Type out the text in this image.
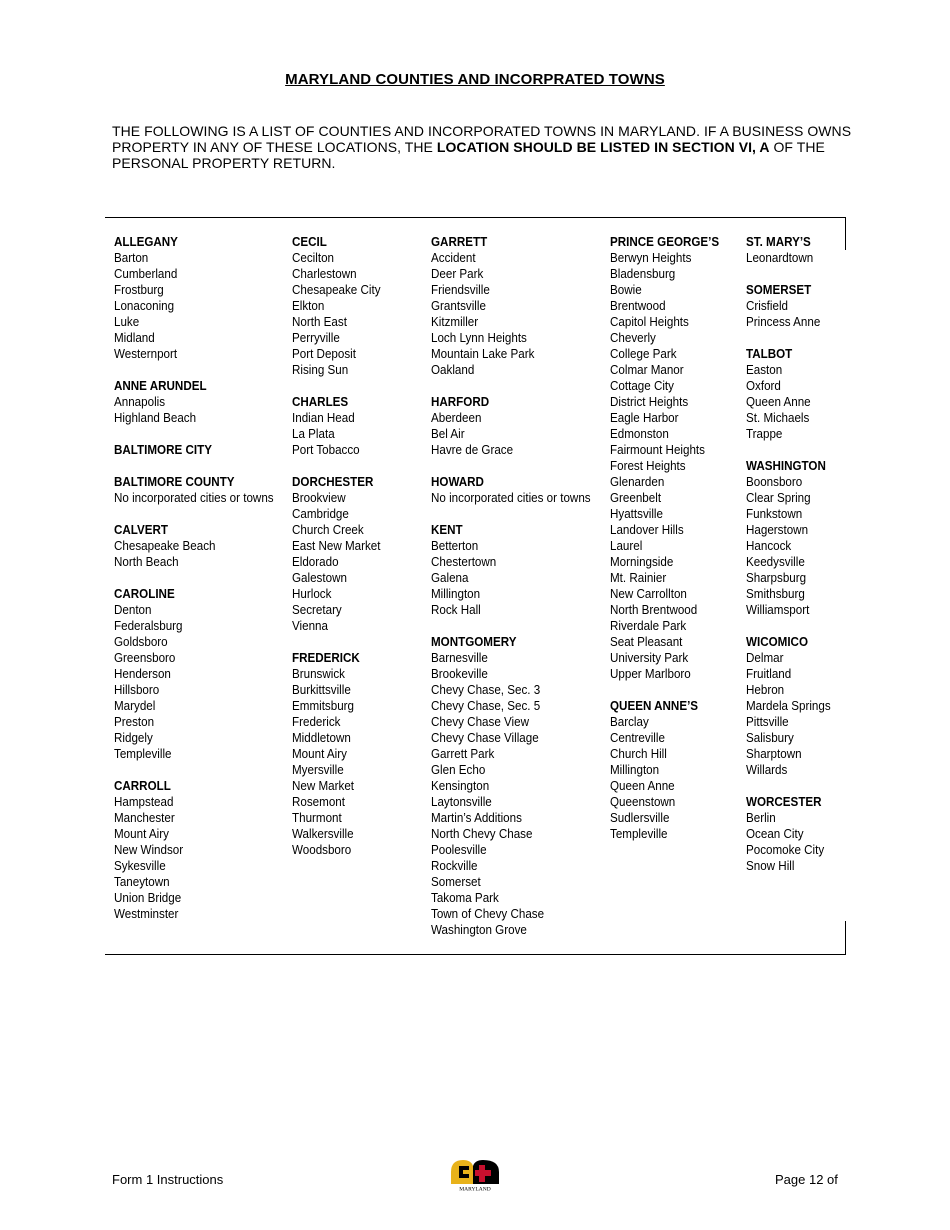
MARYLAND COUNTIES AND INCORPRATED TOWNS
THE FOLLOWING IS A LIST OF COUNTIES AND INCORPORATED TOWNS IN MARYLAND. IF A BUSINESS OWNS PROPERTY IN ANY OF THESE LOCATIONS, THE LOCATION SHOULD BE LISTED IN SECTION VI, A OF THE PERSONAL PROPERTY RETURN.
ALLEGANY
Barton
Cumberland
Frostburg
Lonaconing
Luke
Midland
Westernport
ANNE ARUNDEL
Annapolis
Highland Beach
BALTIMORE CITY
BALTIMORE COUNTY
No incorporated cities or towns
CALVERT
Chesapeake Beach
North Beach
CAROLINE
Denton
Federalsburg
Goldsboro
Greensboro
Henderson
Hillsboro
Marydel
Preston
Ridgely
Templeville
CARROLL
Hampstead
Manchester
Mount Airy
New Windsor
Sykesville
Taneytown
Union Bridge
Westminster
CECIL
Cecilton
Charlestown
Chesapeake City
Elkton
North East
Perryville
Port Deposit
Rising Sun
CHARLES
Indian Head
La Plata
Port Tobacco
DORCHESTER
Brookview
Cambridge
Church Creek
East New Market
Eldorado
Galestown
Hurlock
Secretary
Vienna
FREDERICK
Brunswick
Burkittsville
Emmitsburg
Frederick
Middletown
Mount Airy
Myersville
New Market
Rosemont
Thurmont
Walkersville
Woodsboro
GARRETT
Accident
Deer Park
Friendsville
Grantsville
Kitzmiller
Loch Lynn Heights
Mountain Lake Park
Oakland
HARFORD
Aberdeen
Bel Air
Havre de Grace
HOWARD
No incorporated cities or towns
KENT
Betterton
Chestertown
Galena
Millington
Rock Hall
MONTGOMERY
Barnesville
Brookeville
Chevy Chase, Sec. 3
Chevy Chase, Sec. 5
Chevy Chase View
Chevy Chase Village
Garrett Park
Glen Echo
Kensington
Laytonsville
Martin’s Additions
North Chevy Chase
Poolesville
Rockville
Somerset
Takoma Park
Town of Chevy Chase
Washington Grove
PRINCE GEORGE’S
Berwyn Heights
Bladensburg
Bowie
Brentwood
Capitol Heights
Cheverly
College Park
Colmar Manor
Cottage City
District Heights
Eagle Harbor
Edmonston
Fairmount Heights
Forest Heights
Glenarden
Greenbelt
Hyattsville
Landover Hills
Laurel
Morningside
Mt. Rainier
New Carrollton
North Brentwood
Riverdale Park
Seat Pleasant
University Park
Upper Marlboro
QUEEN ANNE’S
Barclay
Centreville
Church Hill
Millington
Queen Anne
Queenstown
Sudlersville
Templeville
ST. MARY’S
Leonardtown
SOMERSET
Crisfield
Princess Anne
TALBOT
Easton
Oxford
Queen Anne
St. Michaels
Trappe
WASHINGTON
Boonsboro
Clear Spring
Funkstown
Hagerstown
Hancock
Keedysville
Sharpsburg
Smithsburg
Williamsport
WICOMICO
Delmar
Fruitland
Hebron
Mardela Springs
Pittsville
Salisbury
Sharptown
Willards
WORCESTER
Berlin
Ocean City
Pocomoke City
Snow Hill
Form 1 Instructions
MARYLAND
Page 12 of
